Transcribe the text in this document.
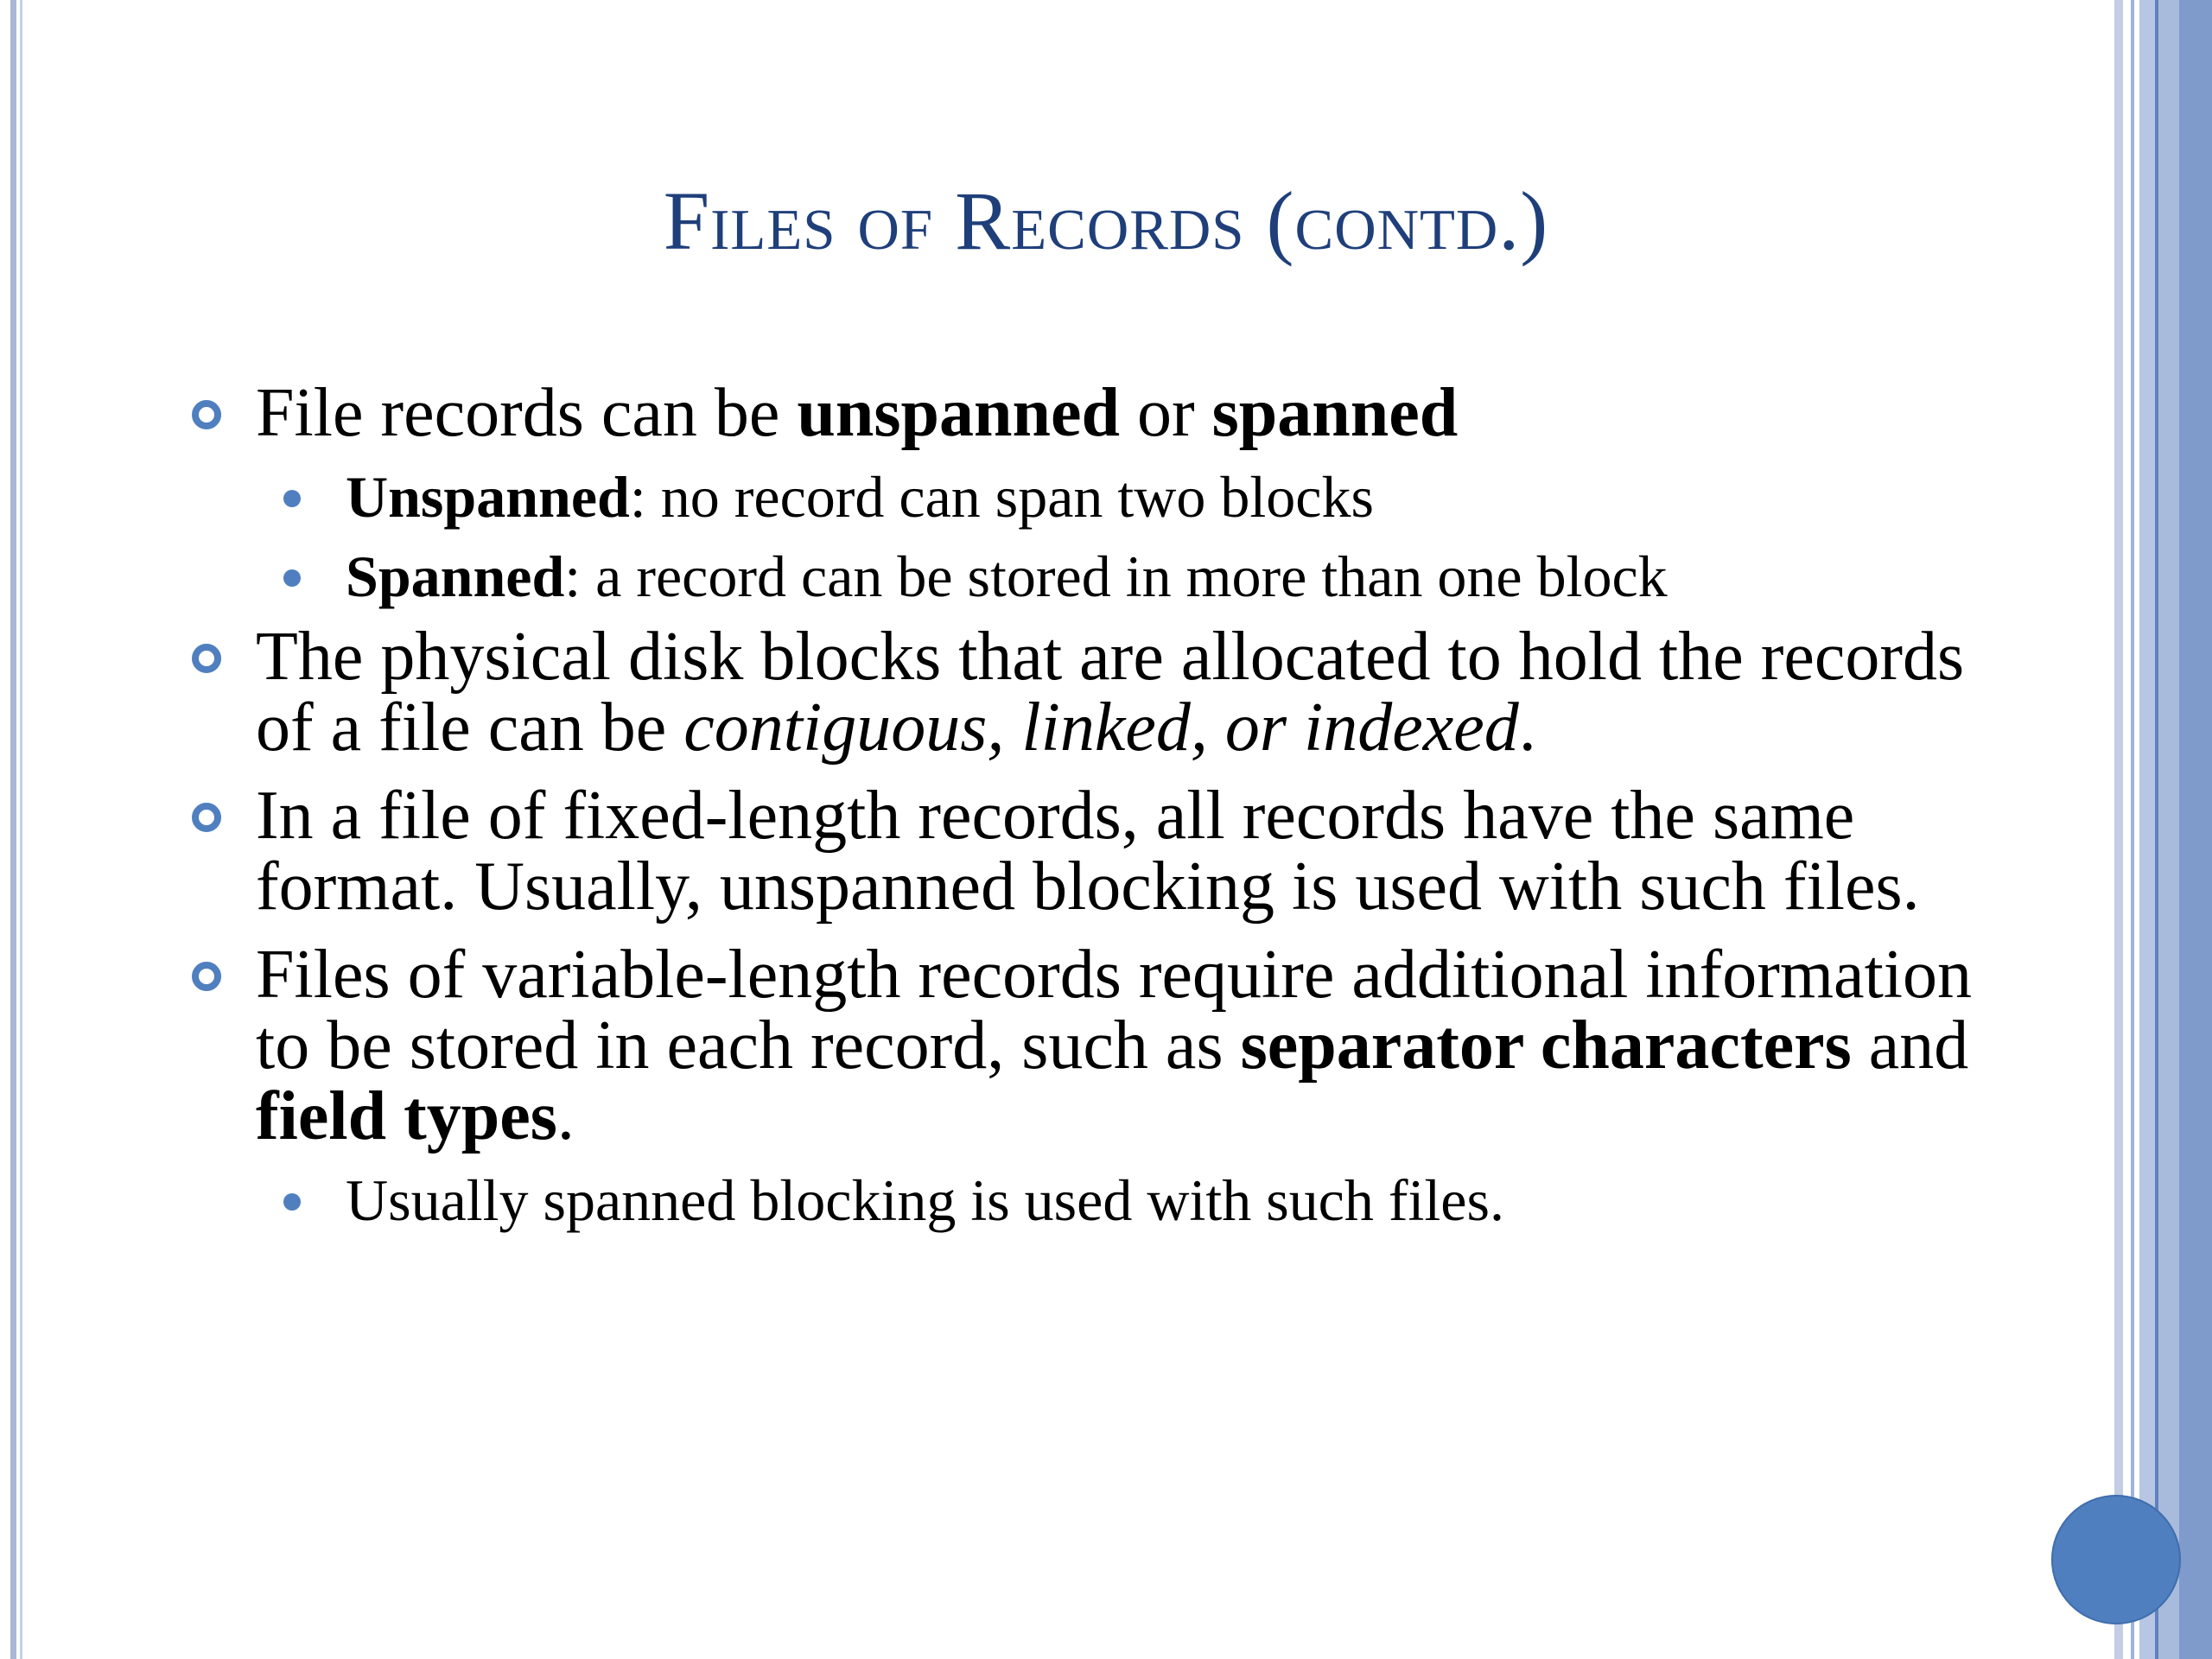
Files of Records (contd.)
File records can be unspanned or spanned
Unspanned: no record can span two blocks
Spanned: a record can be stored in more than one block
The physical disk blocks that are allocated to hold the records of a file can be contiguous, linked, or indexed.
In a file of fixed-length records, all records have the same format. Usually, unspanned blocking is used with such files.
Files of variable-length records require additional information to be stored in each record, such as separator characters and field types.
Usually spanned blocking is used with such files.
